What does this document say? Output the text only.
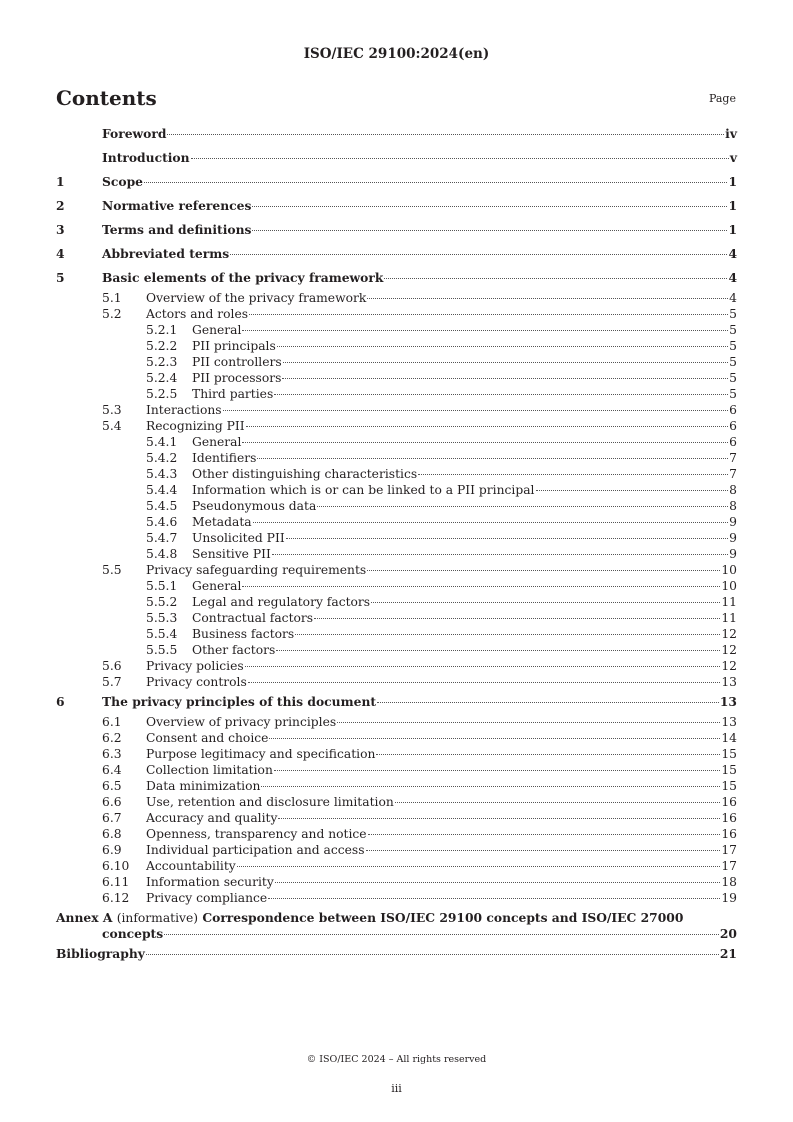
ISO/IEC 29100:2024(en)
Contents	Page
Foreword	iv
Introduction	v
1	Scope	1
2	Normative references	1
3	Terms and definitions	1
4	Abbreviated terms	4
5	Basic elements of the privacy framework	4
5.1	Overview of the privacy framework	4
5.2	Actors and roles	5
5.2.1	General	5
5.2.2	PII principals	5
5.2.3	PII controllers	5
5.2.4	PII processors	5
5.2.5	Third parties	5
5.3	Interactions	6
5.4	Recognizing PII	6
5.4.1	General	6
5.4.2	Identifiers	7
5.4.3	Other distinguishing characteristics	7
5.4.4	Information which is or can be linked to a PII principal	8
5.4.5	Pseudonymous data	8
5.4.6	Metadata	9
5.4.7	Unsolicited PII	9
5.4.8	Sensitive PII	9
5.5	Privacy safeguarding requirements	10
5.5.1	General	10
5.5.2	Legal and regulatory factors	11
5.5.3	Contractual factors	11
5.5.4	Business factors	12
5.5.5	Other factors	12
5.6	Privacy policies	12
5.7	Privacy controls	13
6	The privacy principles of this document	13
6.1	Overview of privacy principles	13
6.2	Consent and choice	14
6.3	Purpose legitimacy and specification	15
6.4	Collection limitation	15
6.5	Data minimization	15
6.6	Use, retention and disclosure limitation	16
6.7	Accuracy and quality	16
6.8	Openness, transparency and notice	16
6.9	Individual participation and access	17
6.10	Accountability	17
6.11	Information security	18
6.12	Privacy compliance	19
Annex A (informative) Correspondence between ISO/IEC 29100 concepts and ISO/IEC 27000
concepts	20
Bibliography	21
© ISO/IEC 2024 – All rights reserved
iii
